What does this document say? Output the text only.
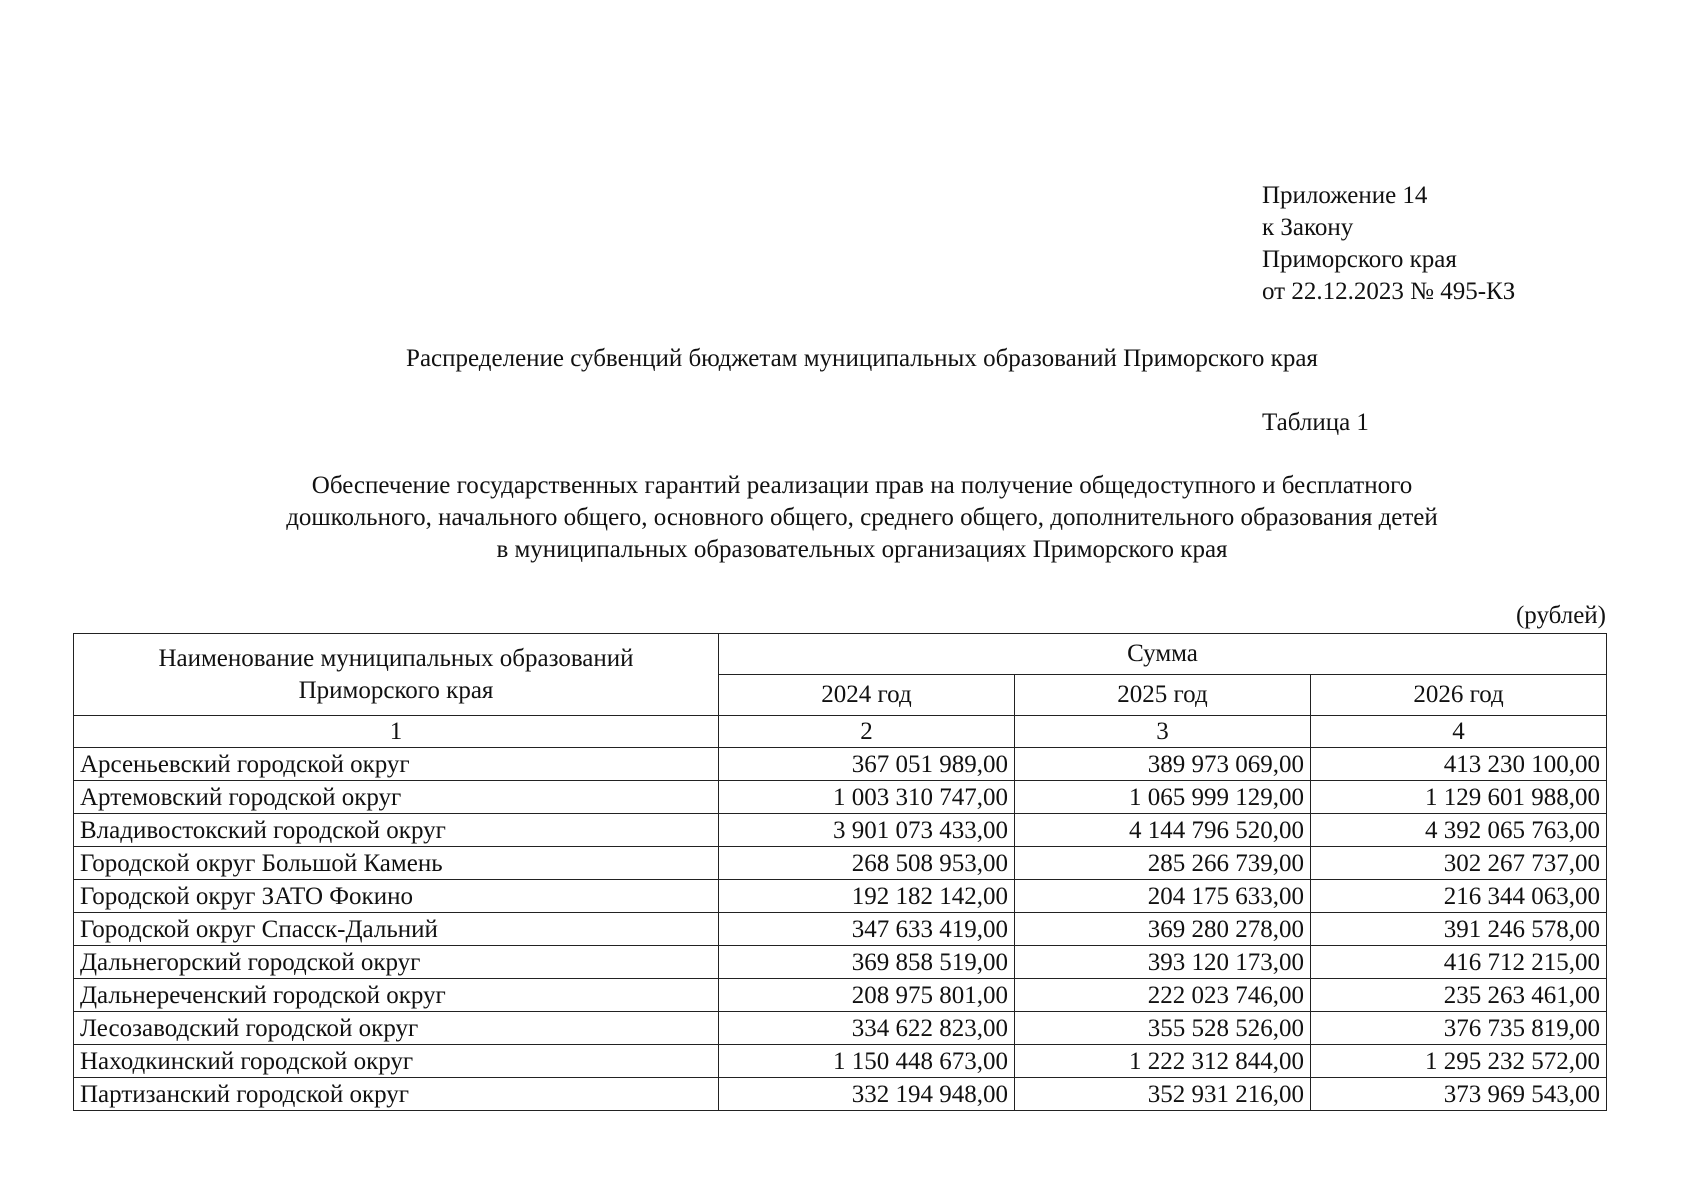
Приложение 14
к Закону
Приморского края
от 22.12.2023 № 495-КЗ
Распределение субвенций бюджетам муниципальных образований Приморского края
Таблица 1
Обеспечение государственных гарантий реализации прав на получение общедоступного и бесплатного
дошкольного, начального общего, основного общего, среднего общего, дополнительного образования детей
в муниципальных образовательных организациях Приморского края
(рублей)
Наименование муниципальных образований
Приморского края	Сумма		
	2024 год	2025 год	2026 год
1	2	3	4
Арсеньевский городской округ	367 051 989,00	389 973 069,00	413 230 100,00
Артемовский городской округ	1 003 310 747,00	1 065 999 129,00	1 129 601 988,00
Владивостокский городской округ	3 901 073 433,00	4 144 796 520,00	4 392 065 763,00
Городской округ Большой Камень	268 508 953,00	285 266 739,00	302 267 737,00
Городской округ ЗАТО Фокино	192 182 142,00	204 175 633,00	216 344 063,00
Городской округ Спасск-Дальний	347 633 419,00	369 280 278,00	391 246 578,00
Дальнегорский городской округ	369 858 519,00	393 120 173,00	416 712 215,00
Дальнереченский городской округ	208 975 801,00	222 023 746,00	235 263 461,00
Лесозаводский городской округ	334 622 823,00	355 528 526,00	376 735 819,00
Находкинский городской округ	1 150 448 673,00	1 222 312 844,00	1 295 232 572,00
Партизанский городской округ	332 194 948,00	352 931 216,00	373 969 543,00
